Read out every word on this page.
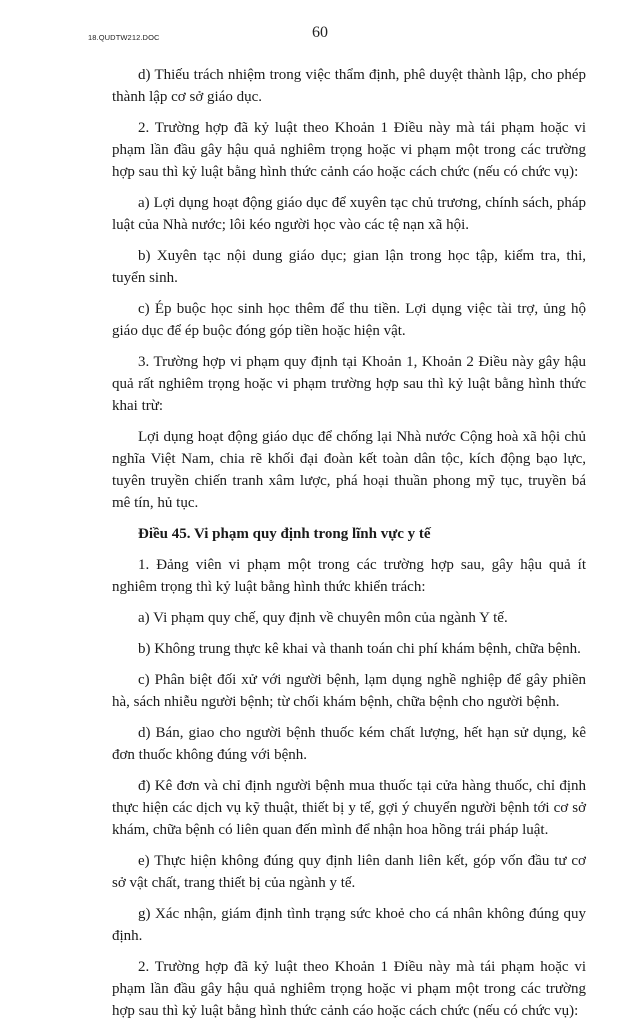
18.QUDTW212.DOC	60

d) Thiếu trách nhiệm trong việc thẩm định, phê duyệt thành lập, cho phép thành lập cơ sở giáo dục.

2. Trường hợp đã kỷ luật theo Khoản 1 Điều này mà tái phạm hoặc vi phạm lần đầu gây hậu quả nghiêm trọng hoặc vi phạm một trong các trường hợp sau thì kỷ luật bằng hình thức cảnh cáo hoặc cách chức (nếu có chức vụ):

a) Lợi dụng hoạt động giáo dục để xuyên tạc chủ trương, chính sách, pháp luật của Nhà nước; lôi kéo người học vào các tệ nạn xã hội.

b) Xuyên tạc nội dung giáo dục; gian lận trong học tập, kiểm tra, thi, tuyển sinh.

c) Ép buộc học sinh học thêm để thu tiền. Lợi dụng việc tài trợ, ủng hộ giáo dục để ép buộc đóng góp tiền hoặc hiện vật.

3. Trường hợp vi phạm quy định tại Khoản 1, Khoản 2 Điều này gây hậu quả rất nghiêm trọng hoặc vi phạm trường hợp sau thì kỷ luật bằng hình thức khai trừ:

Lợi dụng hoạt động giáo dục để chống lại Nhà nước Cộng hoà xã hội chủ nghĩa Việt Nam, chia rẽ khối đại đoàn kết toàn dân tộc, kích động bạo lực, tuyên truyền chiến tranh xâm lược, phá hoại thuần phong mỹ tục, truyền bá mê tín, hủ tục.

Điều 45. Vi phạm quy định trong lĩnh vực y tế

1. Đảng viên vi phạm một trong các trường hợp sau, gây hậu quả ít nghiêm trọng thì kỷ luật bằng hình thức khiển trách:

a) Vi phạm quy chế, quy định về chuyên môn của ngành Y tế.

b) Không trung thực kê khai và thanh toán chi phí khám bệnh, chữa bệnh.

c) Phân biệt đối xử với người bệnh, lạm dụng nghề nghiệp để gây phiền hà, sách nhiễu người bệnh; từ chối khám bệnh, chữa bệnh cho người bệnh.

d) Bán, giao cho người bệnh thuốc kém chất lượng, hết hạn sử dụng, kê đơn thuốc không đúng với bệnh.

đ) Kê đơn và chỉ định người bệnh mua thuốc tại cửa hàng thuốc, chỉ định thực hiện các dịch vụ kỹ thuật, thiết bị y tế, gợi ý chuyển người bệnh tới cơ sở khám, chữa bệnh có liên quan đến mình để nhận hoa hồng trái pháp luật.

e) Thực hiện không đúng quy định liên danh liên kết, góp vốn đầu tư cơ sở vật chất, trang thiết bị của ngành y tế.

g) Xác nhận, giám định tình trạng sức khoẻ cho cá nhân không đúng quy định.

2. Trường hợp đã kỷ luật theo Khoản 1 Điều này mà tái phạm hoặc vi phạm lần đầu gây hậu quả nghiêm trọng hoặc vi phạm một trong các trường hợp sau thì kỷ luật bằng hình thức cảnh cáo hoặc cách chức (nếu có chức vụ):
